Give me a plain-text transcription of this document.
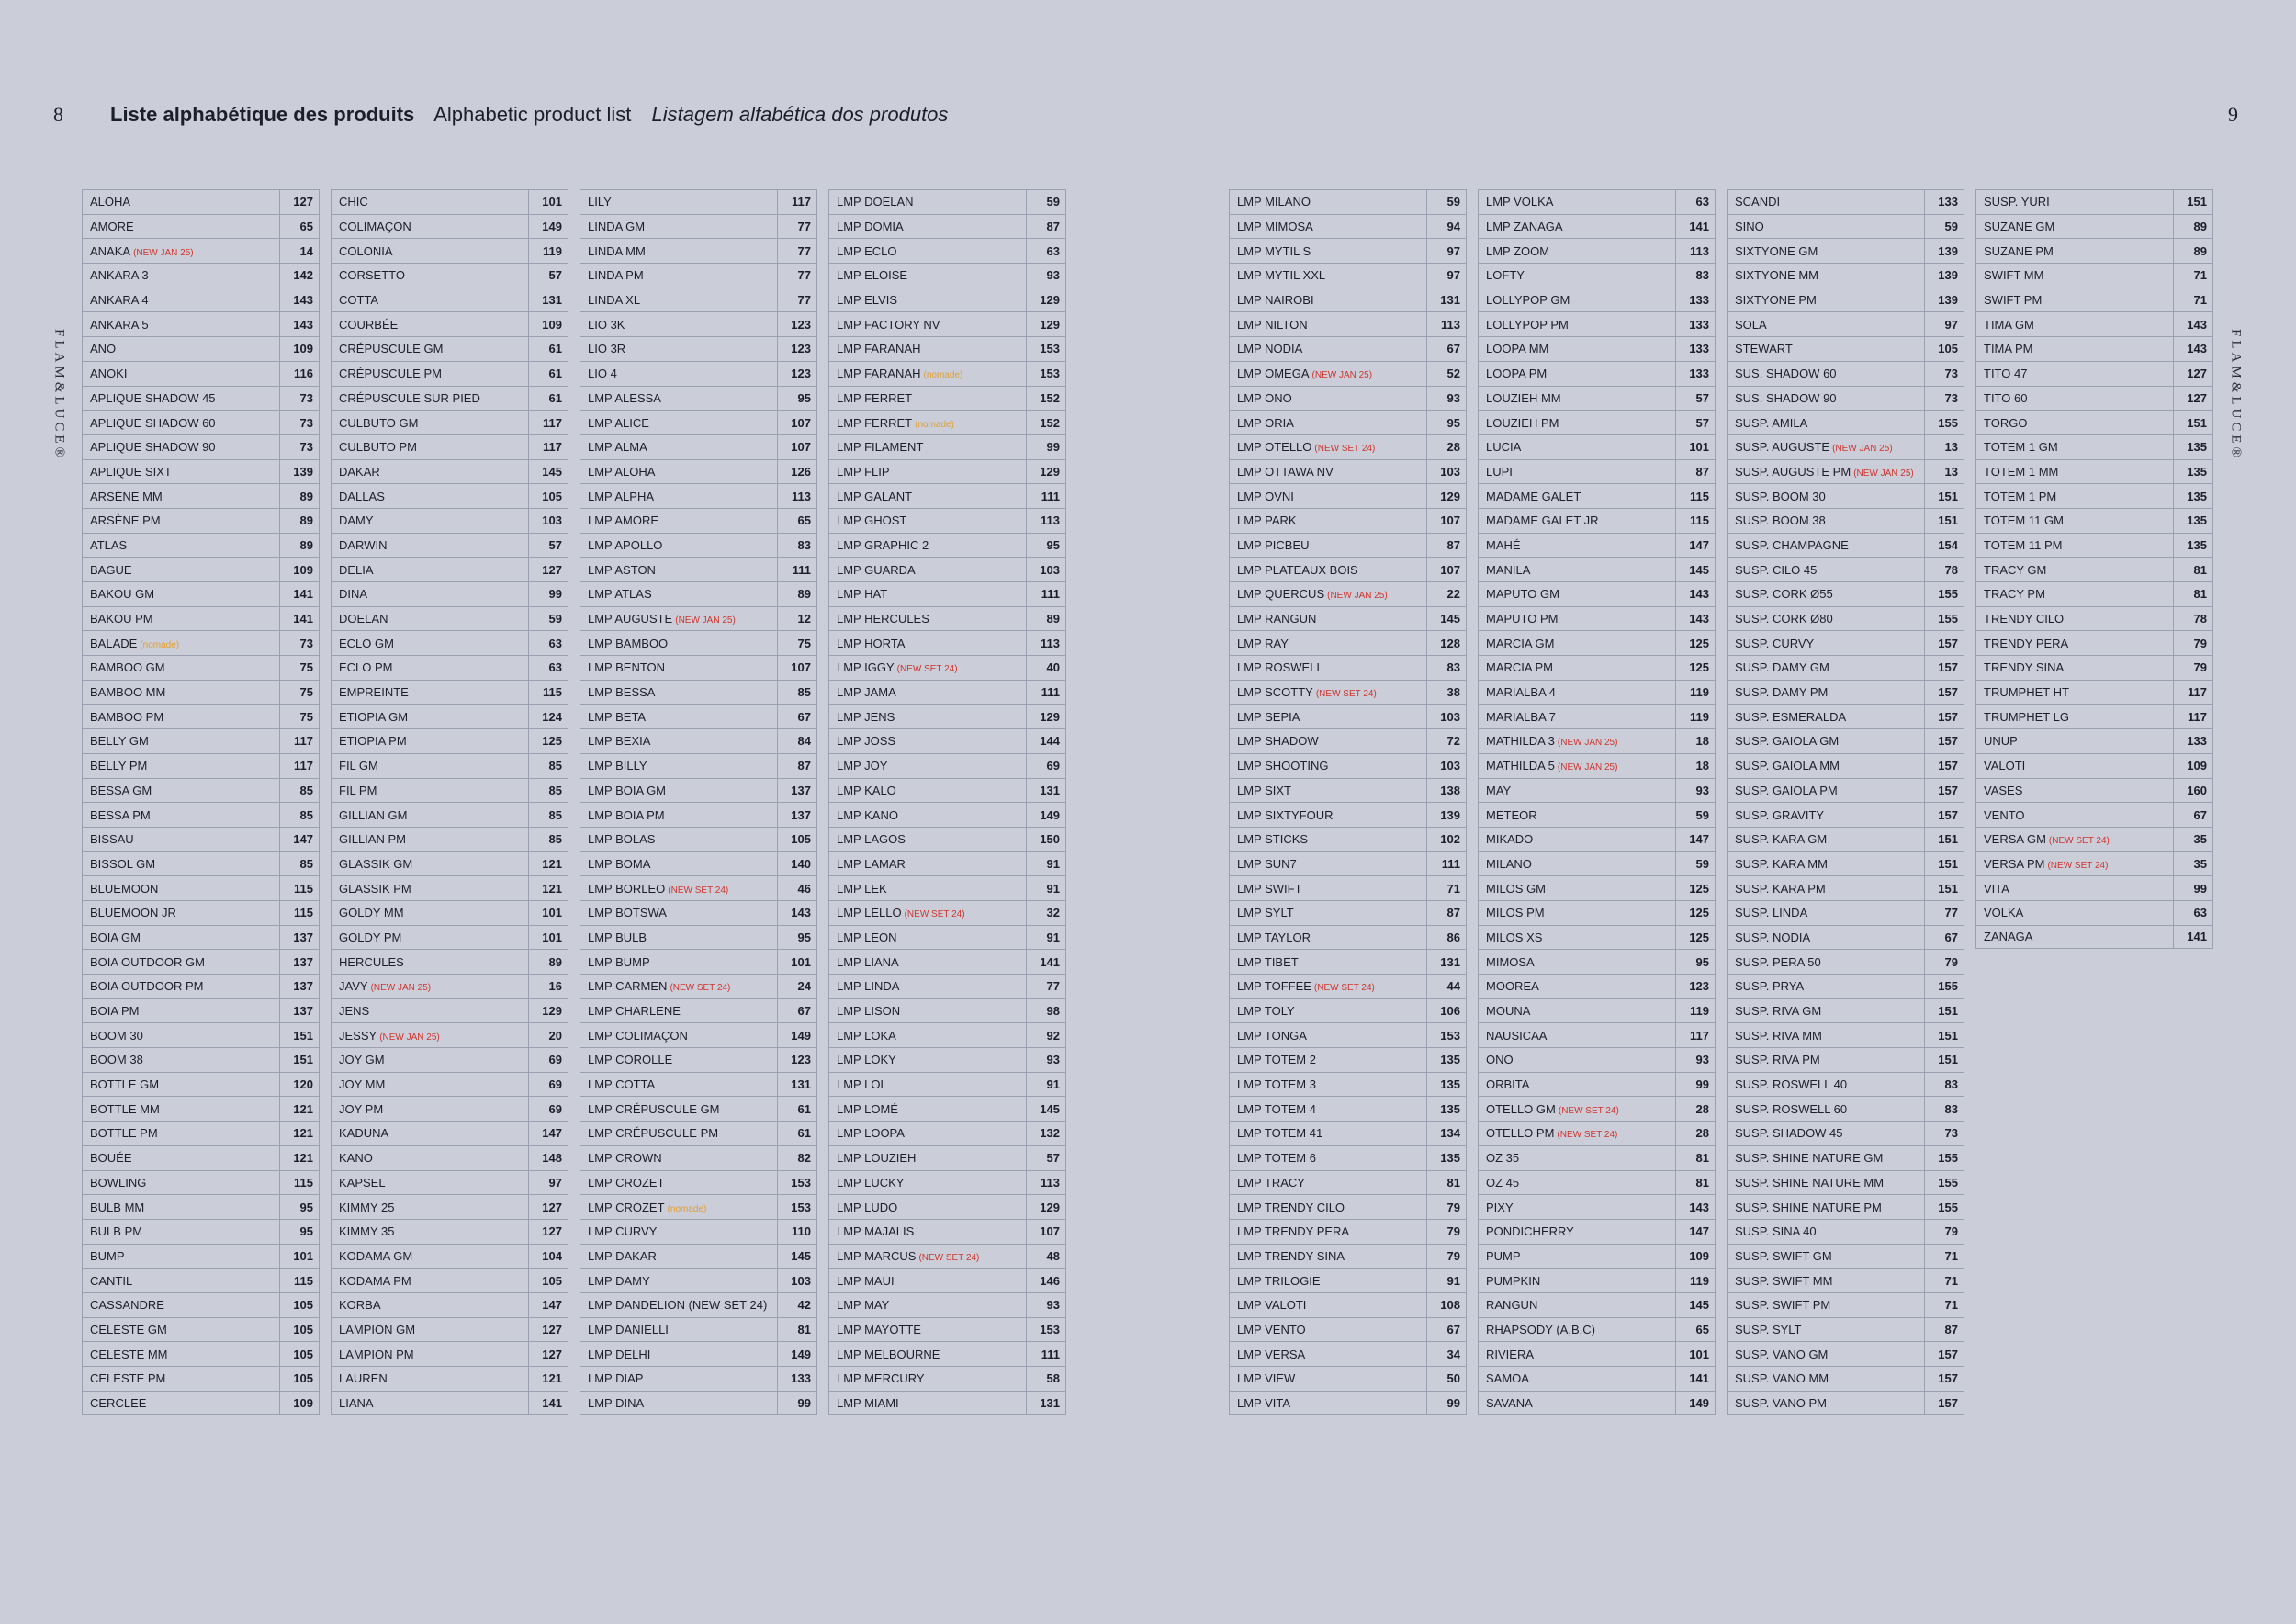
8 Liste alphabétique des produits Alphabetic product list Listagem alfabética dos produtos	9
FLAM&LUCE®	FLAM&LUCE®
ALOHA	127
AMORE	65
ANAKA (NEW JAN 25)	14
ANKARA 3	142
ANKARA 4	143
ANKARA 5	143
ANO	109
ANOKI	116
APLIQUE SHADOW 45	73
APLIQUE SHADOW 60	73
APLIQUE SHADOW 90	73
APLIQUE SIXT	139
ARSÈNE MM	89
ARSÈNE PM	89
ATLAS	89
BAGUE	109
BAKOU GM	141
BAKOU PM	141
BALADE (nomade)	73
BAMBOO GM	75
BAMBOO MM	75
BAMBOO PM	75
BELLY GM	117
BELLY PM	117
BESSA GM	85
BESSA PM	85
BISSAU	147
BISSOL GM	85
BLUEMOON	115
BLUEMOON JR	115
BOIA GM	137
BOIA OUTDOOR GM	137
BOIA OUTDOOR PM	137
BOIA PM	137
BOOM 30	151
BOOM 38	151
BOTTLE GM	120
BOTTLE MM	121
BOTTLE PM	121
BOUÉE	121
BOWLING	115
BULB MM	95
BULB PM	95
BUMP	101
CANTIL	115
CASSANDRE	105
CELESTE GM	105
CELESTE MM	105
CELESTE PM	105
CERCLEE	109
CHIC	101
COLIMAÇON	149
COLONIA	119
CORSETTO	57
COTTA	131
COURBÉE	109
CRÉPUSCULE GM	61
CRÉPUSCULE PM	61
CRÉPUSCULE SUR PIED	61
CULBUTO GM	117
CULBUTO PM	117
DAKAR	145
DALLAS	105
DAMY	103
DARWIN	57
DELIA	127
DINA	99
DOELAN	59
ECLO GM	63
ECLO PM	63
EMPREINTE	115
ETIOPIA GM	124
ETIOPIA PM	125
FIL GM	85
FIL PM	85
GILLIAN GM	85
GILLIAN PM	85
GLASSIK GM	121
GLASSIK PM	121
GOLDY MM	101
GOLDY PM	101
HERCULES	89
JAVY (NEW JAN 25)	16
JENS	129
JESSY (NEW JAN 25)	20
JOY GM	69
JOY MM	69
JOY PM	69
KADUNA	147
KANO	148
KAPSEL	97
KIMMY 25	127
KIMMY 35	127
KODAMA GM	104
KODAMA PM	105
KORBA	147
LAMPION GM	127
LAMPION PM	127
LAUREN	121
LIANA	141
LILY	117
LINDA GM	77
LINDA MM	77
LINDA PM	77
LINDA XL	77
LIO 3K	123
LIO 3R	123
LIO 4	123
LMP ALESSA	95
LMP ALICE	107
LMP ALMA	107
LMP ALOHA	126
LMP ALPHA	113
LMP AMORE	65
LMP APOLLO	83
LMP ASTON	111
LMP ATLAS	89
LMP AUGUSTE (NEW JAN 25)	12
LMP BAMBOO	75
LMP BENTON	107
LMP BESSA	85
LMP BETA	67
LMP BEXIA	84
LMP BILLY	87
LMP BOIA GM	137
LMP BOIA PM	137
LMP BOLAS	105
LMP BOMA	140
LMP BORLEO (NEW SET 24)	46
LMP BOTSWA	143
LMP BULB	95
LMP BUMP	101
LMP CARMEN (NEW SET 24)	24
LMP CHARLENE	67
LMP COLIMAÇON	149
LMP COROLLE	123
LMP COTTA	131
LMP CRÉPUSCULE GM	61
LMP CRÉPUSCULE PM	61
LMP CROWN	82
LMP CROZET	153
LMP CROZET (nomade)	153
LMP CURVY	110
LMP DAKAR	145
LMP DAMY	103
LMP DANDELION (NEW SET 24)	42
LMP DANIELLI	81
LMP DELHI	149
LMP DIAP	133
LMP DINA	99
LMP DOELAN	59
LMP DOMIA	87
LMP ECLO	63
LMP ELOISE	93
LMP ELVIS	129
LMP FACTORY NV	129
LMP FARANAH	153
LMP FARANAH (nomade)	153
LMP FERRET	152
LMP FERRET (nomade)	152
LMP FILAMENT	99
LMP FLIP	129
LMP GALANT	111
LMP GHOST	113
LMP GRAPHIC 2	95
LMP GUARDA	103
LMP HAT	111
LMP HERCULES	89
LMP HORTA	113
LMP IGGY (NEW SET 24)	40
LMP JAMA	111
LMP JENS	129
LMP JOSS	144
LMP JOY	69
LMP KALO	131
LMP KANO	149
LMP LAGOS	150
LMP LAMAR	91
LMP LEK	91
LMP LELLO (NEW SET 24)	32
LMP LEON	91
LMP LIANA	141
LMP LINDA	77
LMP LISON	98
LMP LOKA	92
LMP LOKY	93
LMP LOL	91
LMP LOMÉ	145
LMP LOOPA	132
LMP LOUZIEH	57
LMP LUCKY	113
LMP LUDO	129
LMP MAJALIS	107
LMP MARCUS (NEW SET 24)	48
LMP MAUI	146
LMP MAY	93
LMP MAYOTTE	153
LMP MELBOURNE	111
LMP MERCURY	58
LMP MIAMI	131
LMP MILANO	59
LMP MIMOSA	94
LMP MYTIL S	97
LMP MYTIL XXL	97
LMP NAIROBI	131
LMP NILTON	113
LMP NODIA	67
LMP OMEGA (NEW JAN 25)	52
LMP ONO	93
LMP ORIA	95
LMP OTELLO (NEW SET 24)	28
LMP OTTAWA NV	103
LMP OVNI	129
LMP PARK	107
LMP PICBEU	87
LMP PLATEAUX BOIS	107
LMP QUERCUS (NEW JAN 25)	22
LMP RANGUN	145
LMP RAY	128
LMP ROSWELL	83
LMP SCOTTY (NEW SET 24)	38
LMP SEPIA	103
LMP SHADOW	72
LMP SHOOTING	103
LMP SIXT	138
LMP SIXTYFOUR	139
LMP STICKS	102
LMP SUN7	111
LMP SWIFT	71
LMP SYLT	87
LMP TAYLOR	86
LMP TIBET	131
LMP TOFFEE (NEW SET 24)	44
LMP TOLY	106
LMP TONGA	153
LMP TOTEM 2	135
LMP TOTEM 3	135
LMP TOTEM 4	135
LMP TOTEM 41	134
LMP TOTEM 6	135
LMP TRACY	81
LMP TRENDY CILO	79
LMP TRENDY PERA	79
LMP TRENDY SINA	79
LMP TRILOGIE	91
LMP VALOTI	108
LMP VENTO	67
LMP VERSA	34
LMP VIEW	50
LMP VITA	99
LMP VOLKA	63
LMP ZANAGA	141
LMP ZOOM	113
LOFTY	83
LOLLYPOP GM	133
LOLLYPOP PM	133
LOOPA MM	133
LOOPA PM	133
LOUZIEH MM	57
LOUZIEH PM	57
LUCIA	101
LUPI	87
MADAME GALET	115
MADAME GALET JR	115
MAHÉ	147
MANILA	145
MAPUTO GM	143
MAPUTO PM	143
MARCIA GM	125
MARCIA PM	125
MARIALBA 4	119
MARIALBA 7	119
MATHILDA 3 (NEW JAN 25)	18
MATHILDA 5 (NEW JAN 25)	18
MAY	93
METEOR	59
MIKADO	147
MILANO	59
MILOS GM	125
MILOS PM	125
MILOS XS	125
MIMOSA	95
MOOREA	123
MOUNA	119
NAUSICAA	117
ONO	93
ORBITA	99
OTELLO GM (NEW SET 24)	28
OTELLO PM (NEW SET 24)	28
OZ 35	81
OZ 45	81
PIXY	143
PONDICHERRY	147
PUMP	109
PUMPKIN	119
RANGUN	145
RHAPSODY (A,B,C)	65
RIVIERA	101
SAMOA	141
SAVANA	149
SCANDI	133
SINO	59
SIXTYONE GM	139
SIXTYONE MM	139
SIXTYONE PM	139
SOLA	97
STEWART	105
SUS. SHADOW 60	73
SUS. SHADOW 90	73
SUSP. AMILA	155
SUSP. AUGUSTE (NEW JAN 25)	13
SUSP. AUGUSTE PM (NEW JAN 25)	13
SUSP. BOOM 30	151
SUSP. BOOM 38	151
SUSP. CHAMPAGNE	154
SUSP. CILO 45	78
SUSP. CORK Ø55	155
SUSP. CORK Ø80	155
SUSP. CURVY	157
SUSP. DAMY GM	157
SUSP. DAMY PM	157
SUSP. ESMERALDA	157
SUSP. GAIOLA GM	157
SUSP. GAIOLA MM	157
SUSP. GAIOLA PM	157
SUSP. GRAVITY	157
SUSP. KARA GM	151
SUSP. KARA MM	151
SUSP. KARA PM	151
SUSP. LINDA	77
SUSP. NODIA	67
SUSP. PERA 50	79
SUSP. PRYA	155
SUSP. RIVA GM	151
SUSP. RIVA MM	151
SUSP. RIVA PM	151
SUSP. ROSWELL 40	83
SUSP. ROSWELL 60	83
SUSP. SHADOW 45	73
SUSP. SHINE NATURE GM	155
SUSP. SHINE NATURE MM	155
SUSP. SHINE NATURE PM	155
SUSP. SINA 40	79
SUSP. SWIFT GM	71
SUSP. SWIFT MM	71
SUSP. SWIFT PM	71
SUSP. SYLT	87
SUSP. VANO GM	157
SUSP. VANO MM	157
SUSP. VANO PM	157
SUSP. YURI	151
SUZANE GM	89
SUZANE PM	89
SWIFT MM	71
SWIFT PM	71
TIMA GM	143
TIMA PM	143
TITO 47	127
TITO 60	127
TORGO	151
TOTEM 1 GM	135
TOTEM 1 MM	135
TOTEM 1 PM	135
TOTEM 11 GM	135
TOTEM 11 PM	135
TRACY GM	81
TRACY PM	81
TRENDY CILO	78
TRENDY PERA	79
TRENDY SINA	79
TRUMPHET HT	117
TRUMPHET LG	117
UNUP	133
VALOTI	109
VASES	160
VENTO	67
VERSA GM (NEW SET 24)	35
VERSA PM (NEW SET 24)	35
VITA	99
VOLKA	63
ZANAGA	141
